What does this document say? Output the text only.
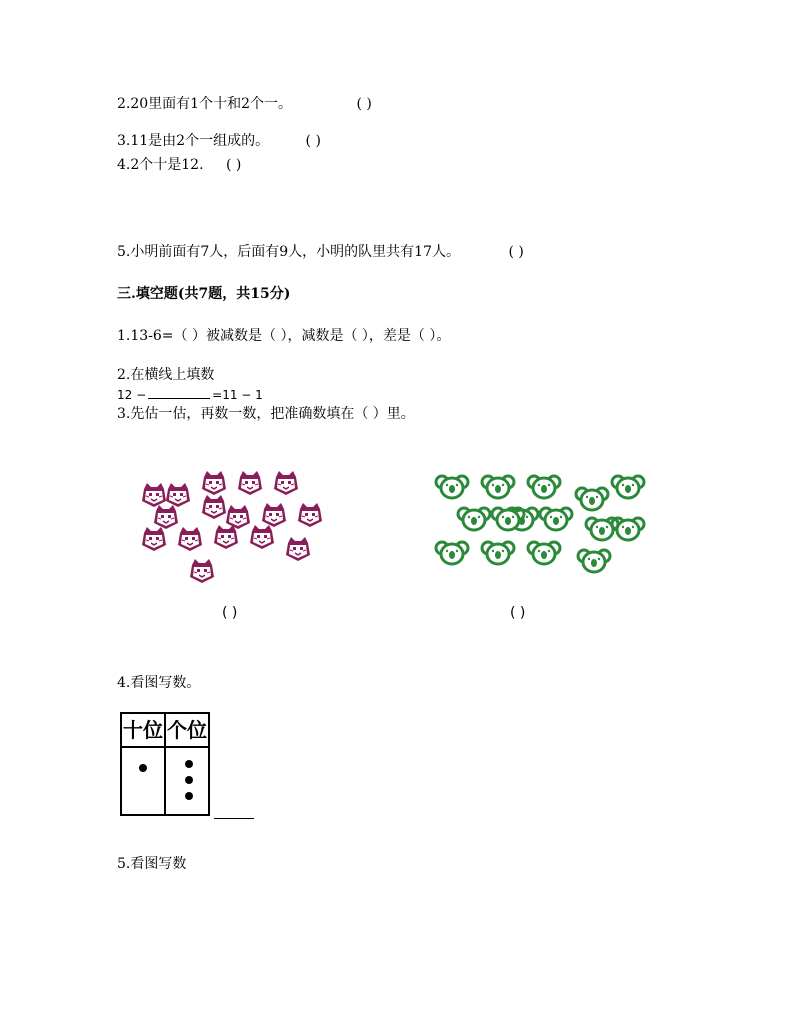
2.20里面有1个十和2个一。	( )
3.11是由2个一组成的。	( )
4.2个十是12. ( )
5.小明前面有7人，后面有9人，小明的队里共有17人。	( )
三.填空题(共7题，共15分)
1.13-6=（ ）被减数是（ ），减数是（ ），差是（ ）。
2.在横线上填数
12 −	=11 − 1
3.先估一估，再数一数，把准确数填在（ ）里。
( )	( )
4.看图写数。
十位	个位

5.看图写数
